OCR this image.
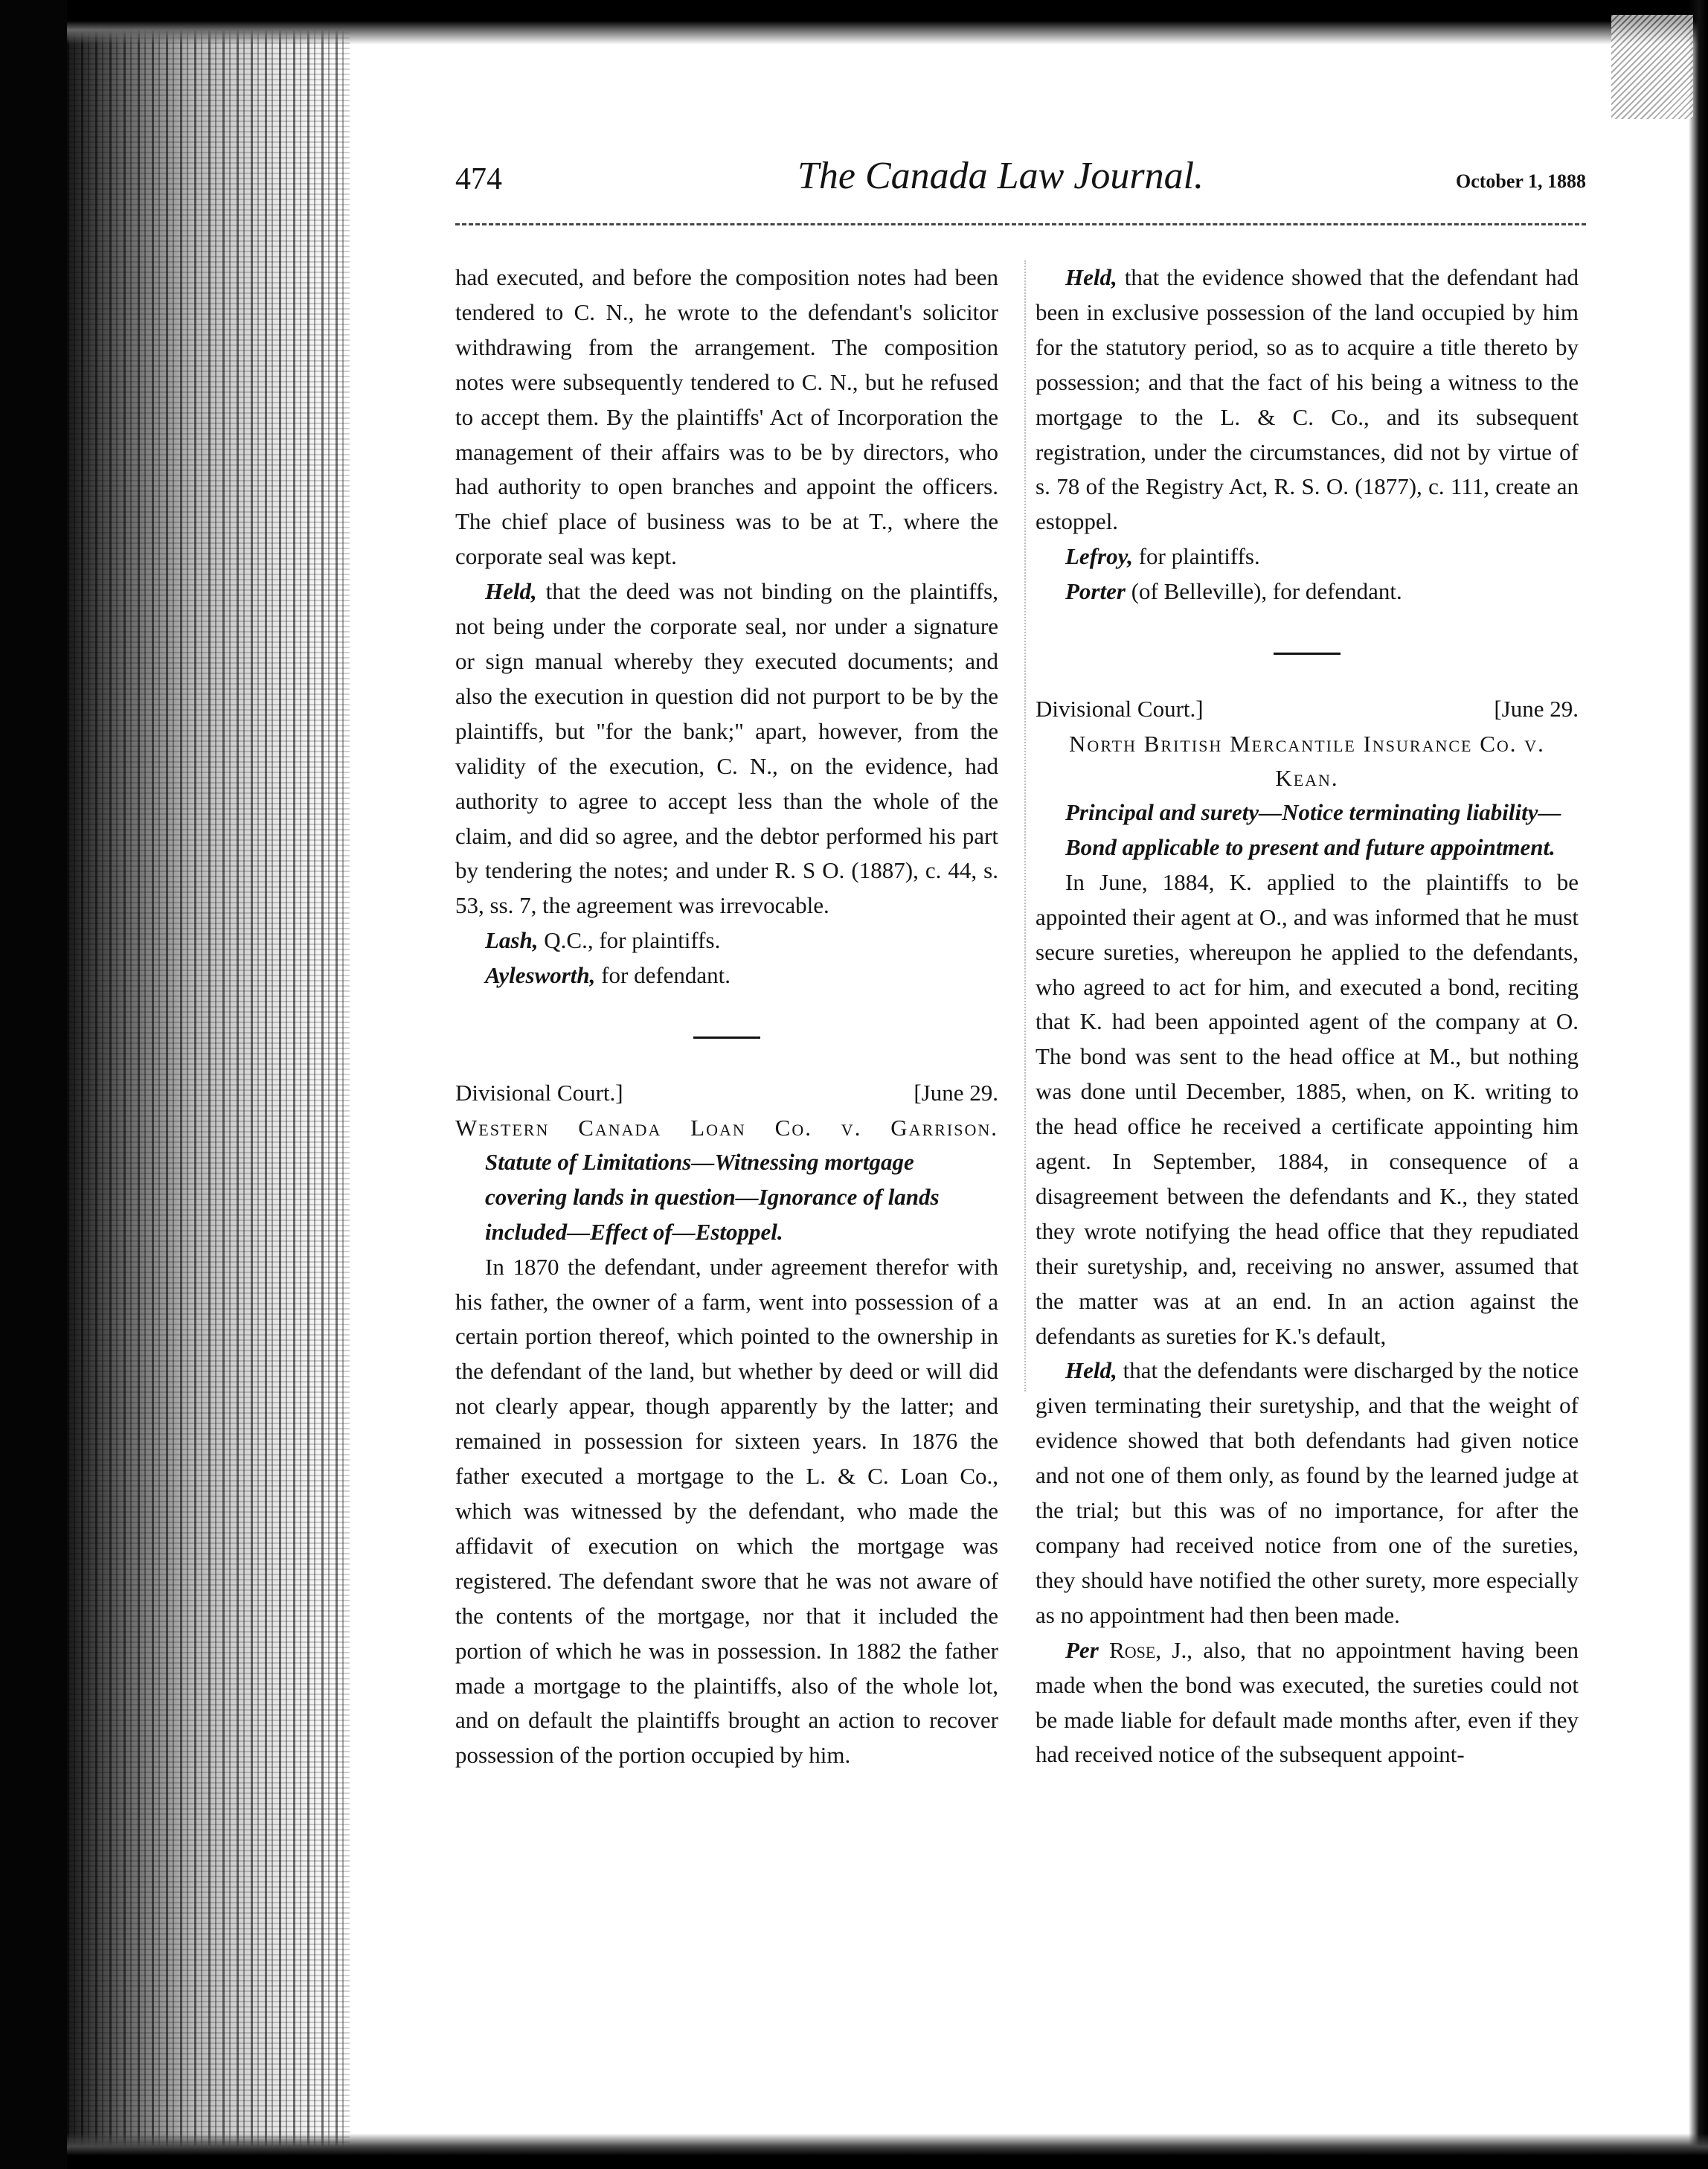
474	The Canada Law Journal.	October 1, 1888

had executed, and before the composition notes had been tendered to C. N., he wrote to the defendant's solicitor withdrawing from the arrangement. The composition notes were subsequently tendered to C. N., but he refused to accept them. By the plaintiffs' Act of Incorporation the management of their affairs was to be by directors, who had authority to open branches and appoint the officers. The chief place of business was to be at T., where the corporate seal was kept.

Held, that the deed was not binding on the plaintiffs, not being under the corporate seal, nor under a signature or sign manual whereby they executed documents; and also the execution in question did not purport to be by the plaintiffs, but "for the bank;" apart, however, from the validity of the execution, C. N., on the evidence, had authority to agree to accept less than the whole of the claim, and did so agree, and the debtor performed his part by tendering the notes; and under R. S O. (1887), c. 44, s. 53, ss. 7, the agreement was irrevocable.

Lash, Q.C., for plaintiffs.

Aylesworth, for defendant.

Divisional Court.]	[June 29.

Western Canada Loan Co. v. Garrison.

Statute of Limitations—Witnessing mortgage covering lands in question—Ignorance of lands included—Effect of—Estoppel.

In 1870 the defendant, under agreement therefor with his father, the owner of a farm, went into possession of a certain portion thereof, which pointed to the ownership in the defendant of the land, but whether by deed or will did not clearly appear, though apparently by the latter; and remained in possession for sixteen years. In 1876 the father executed a mortgage to the L. & C. Loan Co., which was witnessed by the defendant, who made the affidavit of execution on which the mortgage was registered. The defendant swore that he was not aware of the contents of the mortgage, nor that it included the portion of which he was in possession. In 1882 the father made a mortgage to the plaintiffs, also of the whole lot, and on default the plaintiffs brought an action to recover possession of the portion occupied by him.

Held, that the evidence showed that the defendant had been in exclusive possession of the land occupied by him for the statutory period, so as to acquire a title thereto by possession; and that the fact of his being a witness to the mortgage to the L. & C. Co., and its subsequent registration, under the circumstances, did not by virtue of s. 78 of the Registry Act, R. S. O. (1877), c. 111, create an estoppel.

Lefroy, for plaintiffs.

Porter (of Belleville), for defendant.

Divisional Court.]	[June 29.

North British Mercantile Insurance Co. v. Kean.

Principal and surety—Notice terminating liability—Bond applicable to present and future appointment.

In June, 1884, K. applied to the plaintiffs to be appointed their agent at O., and was informed that he must secure sureties, whereupon he applied to the defendants, who agreed to act for him, and executed a bond, reciting that K. had been appointed agent of the company at O. The bond was sent to the head office at M., but nothing was done until December, 1885, when, on K. writing to the head office he received a certificate appointing him agent. In September, 1884, in consequence of a disagreement between the defendants and K., they stated they wrote notifying the head office that they repudiated their suretyship, and, receiving no answer, assumed that the matter was at an end. In an action against the defendants as sureties for K.'s default,

Held, that the defendants were discharged by the notice given terminating their suretyship, and that the weight of evidence showed that both defendants had given notice and not one of them only, as found by the learned judge at the trial; but this was of no importance, for after the company had received notice from one of the sureties, they should have notified the other surety, more especially as no appointment had then been made.

Per Rose, J., also, that no appointment having been made when the bond was executed, the sureties could not be made liable for default made months after, even if they had received notice of the subsequent appoint-
